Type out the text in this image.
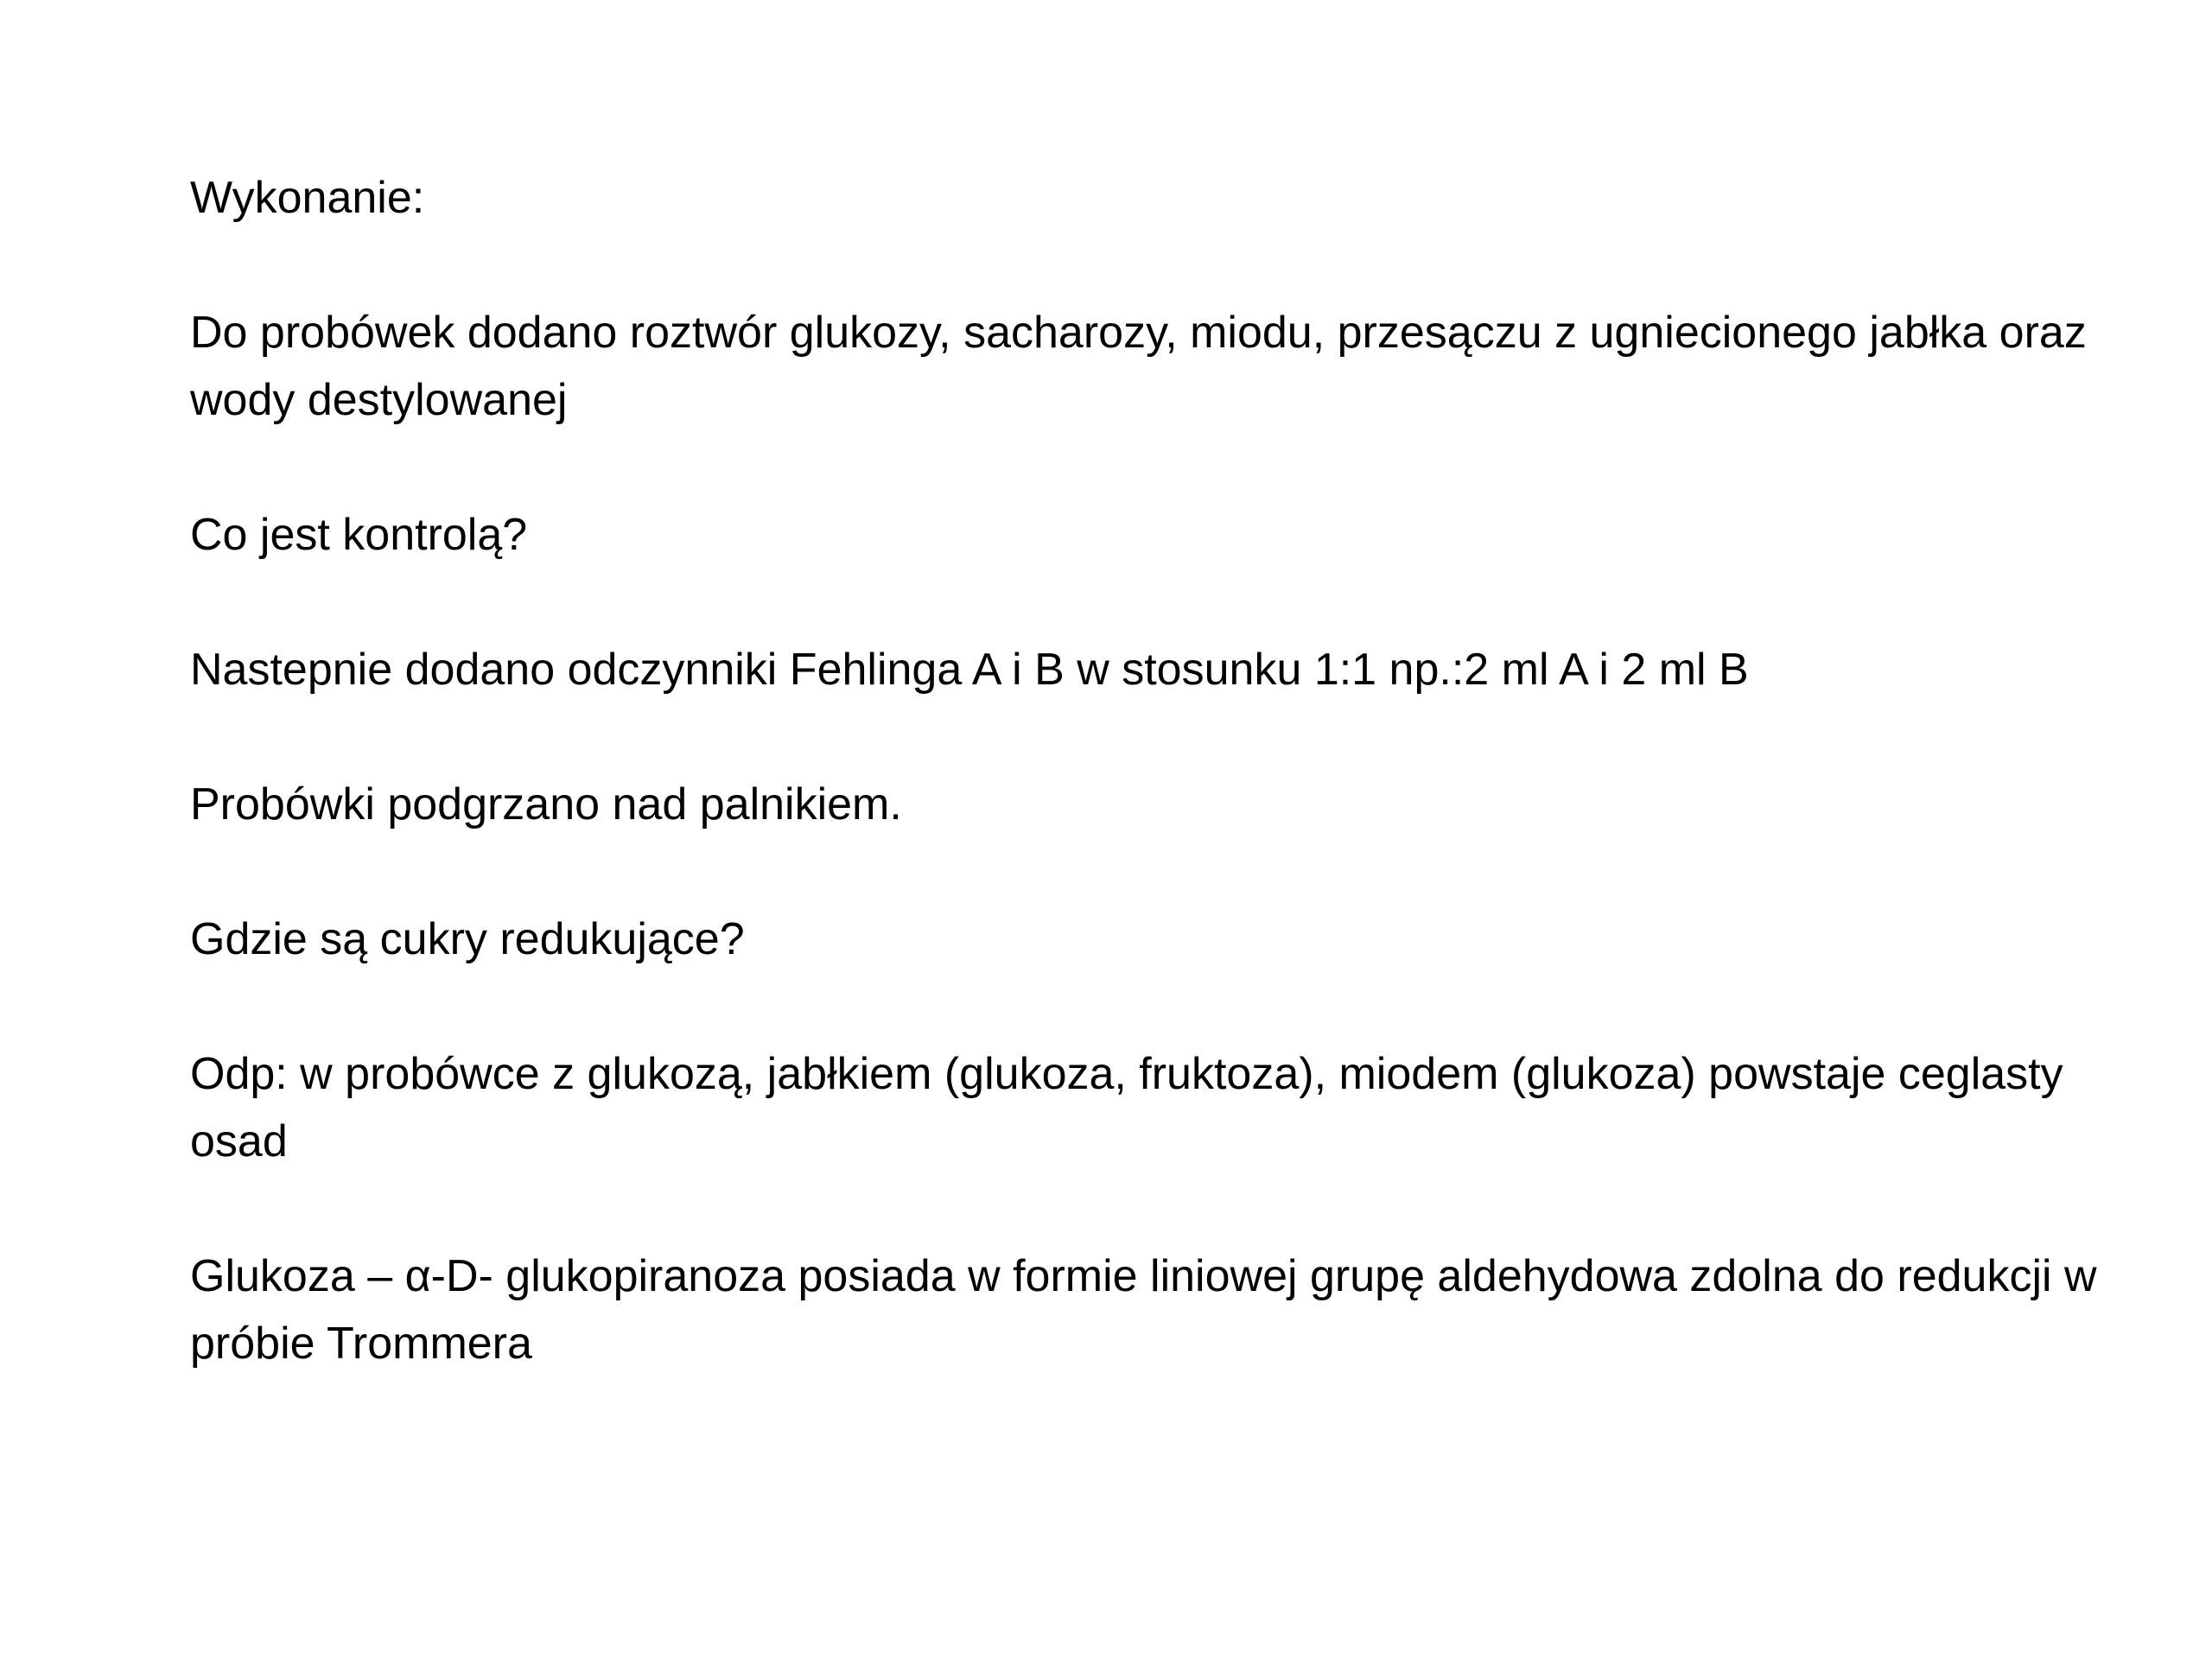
Wykonanie:

Do probówek dodano roztwór glukozy, sacharozy, miodu, przesączu z ugniecionego jabłka oraz wody destylowanej

Co jest kontrolą?

Nastepnie dodano odczynniki Fehlinga A i B w stosunku 1:1 np.:2 ml A i 2 ml B

Probówki podgrzano nad palnikiem.

Gdzie są cukry redukujące?

Odp: w probówce z glukozą, jabłkiem (glukoza, fruktoza), miodem (glukoza) powstaje ceglasty osad

Glukoza – α-D- glukopiranoza posiada w formie liniowej grupę aldehydowa zdolna do redukcji w próbie Trommera
